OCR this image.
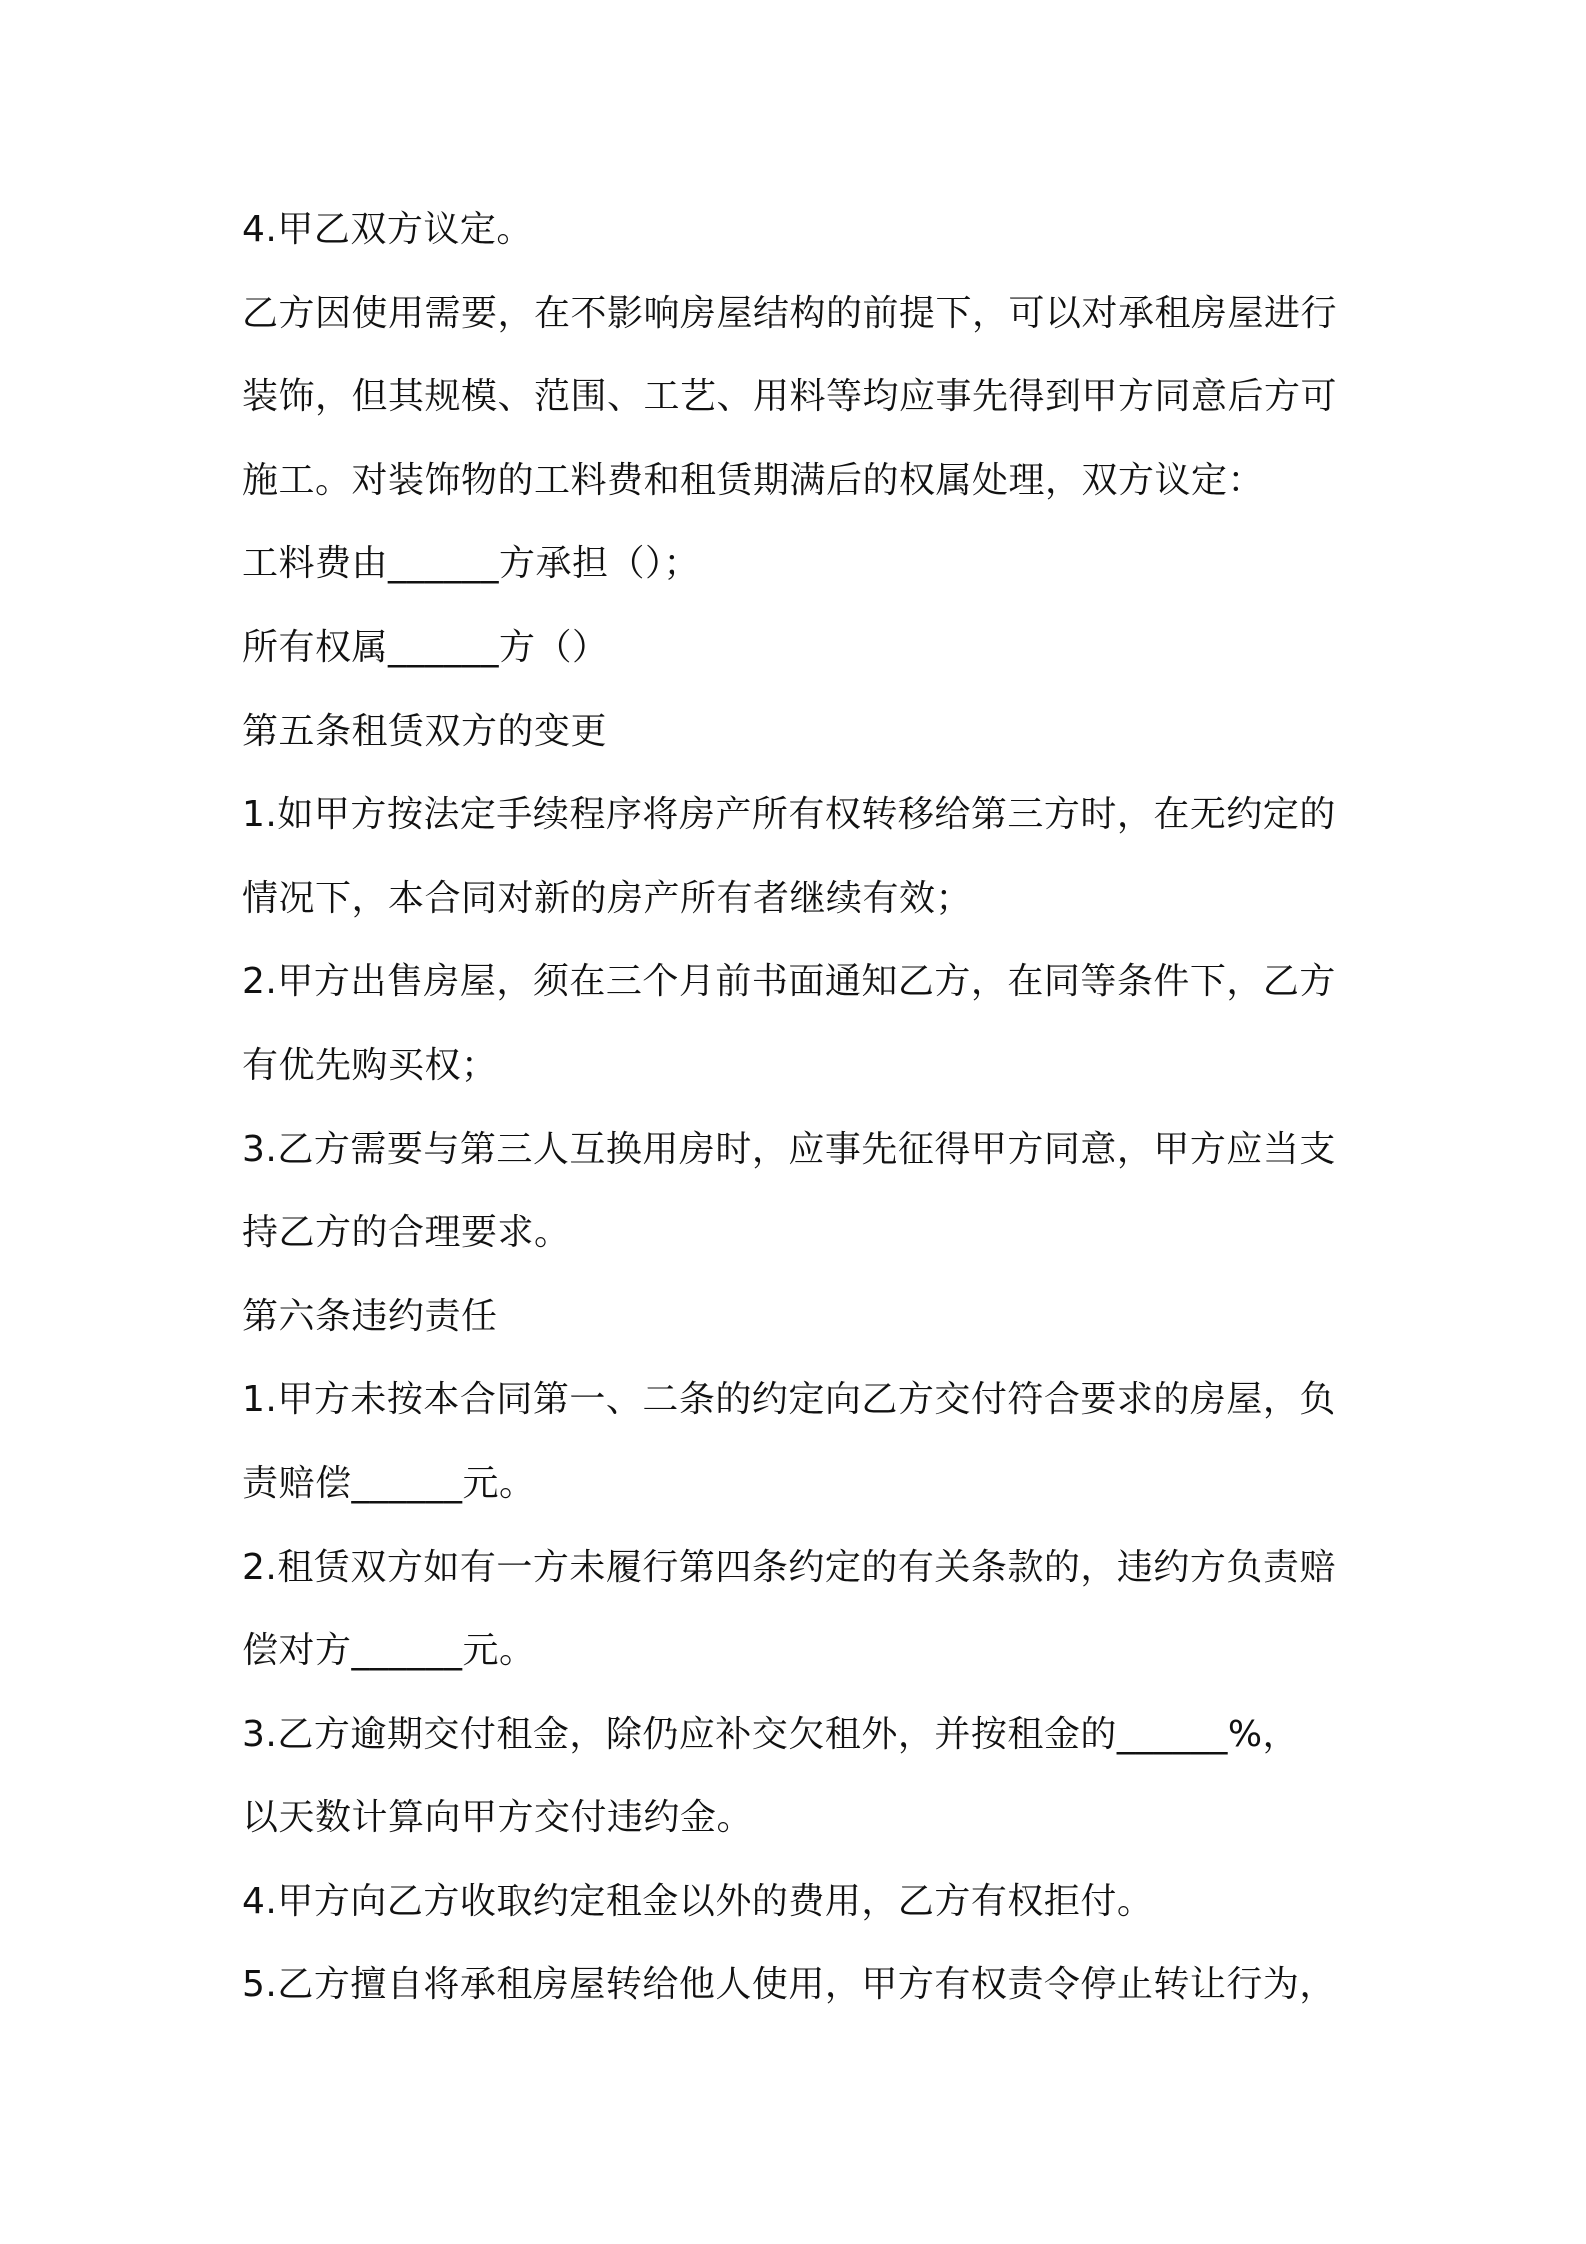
4.甲乙双方议定。
乙方因使用需要，在不影响房屋结构的前提下，可以对承租房屋进行
装饰，但其规模、范围、工艺、用料等均应事先得到甲方同意后方可
施工。对装饰物的工料费和租赁期满后的权属处理，双方议定：
工料费由______方承担（）；
所有权属______方（）
第五条租赁双方的变更
1.如甲方按法定手续程序将房产所有权转移给第三方时，在无约定的
情况下，本合同对新的房产所有者继续有效；
2.甲方出售房屋，须在三个月前书面通知乙方，在同等条件下，乙方
有优先购买权；
3.乙方需要与第三人互换用房时，应事先征得甲方同意，甲方应当支
持乙方的合理要求。
第六条违约责任
1.甲方未按本合同第一、二条的约定向乙方交付符合要求的房屋，负
责赔偿______元。
2.租赁双方如有一方未履行第四条约定的有关条款的，违约方负责赔
偿对方______元。
3.乙方逾期交付租金，除仍应补交欠租外，并按租金的______%，
以天数计算向甲方交付违约金。
4.甲方向乙方收取约定租金以外的费用，乙方有权拒付。
5.乙方擅自将承租房屋转给他人使用，甲方有权责令停止转让行为，
